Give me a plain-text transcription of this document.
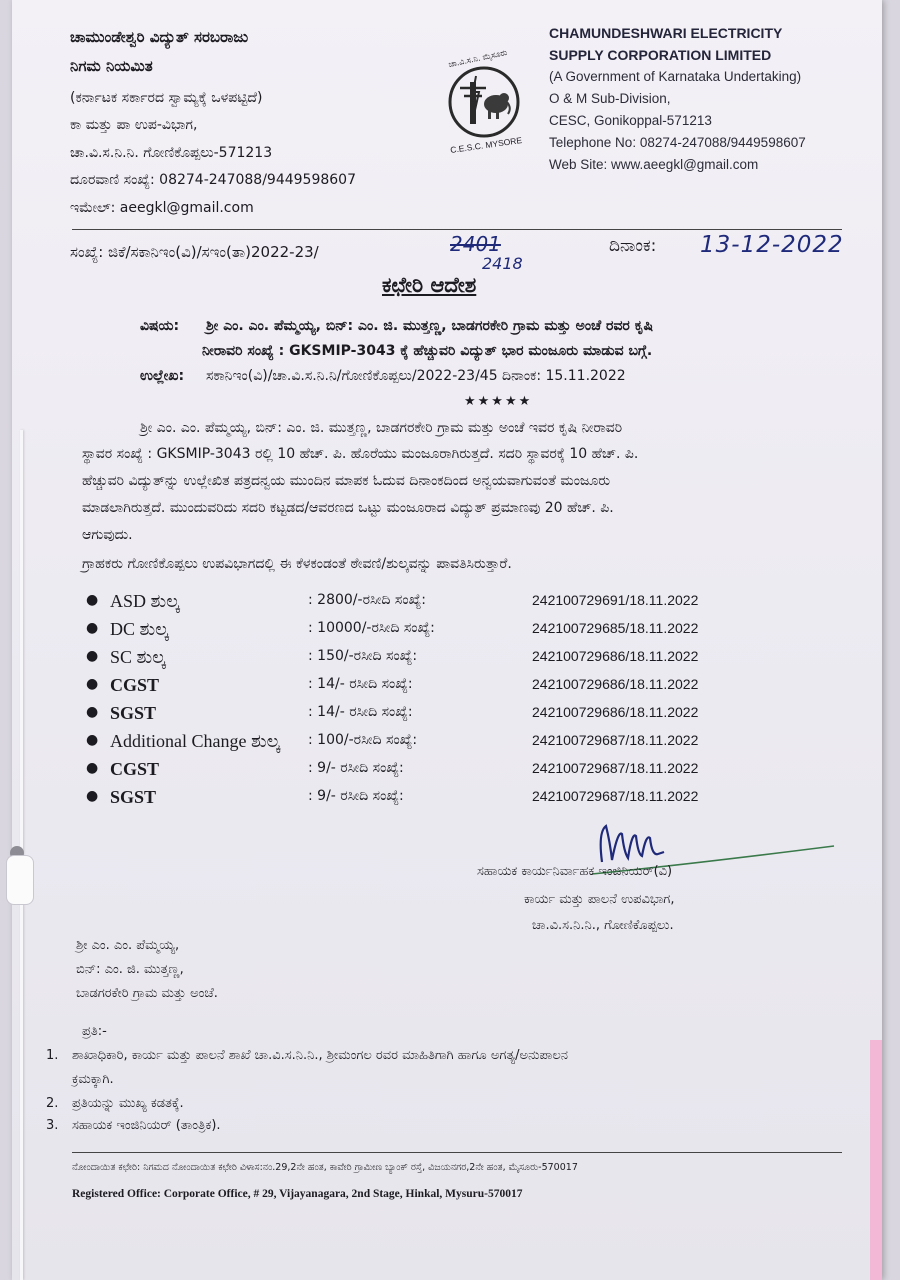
ಚಾಮುಂಡೇಶ್ವರಿ ವಿದ್ಯುತ್ ಸರಬರಾಜು
ನಿಗಮ ನಿಯಮಿತ
(ಕರ್ನಾಟಕ ಸರ್ಕಾರದ ಸ್ವಾಮ್ಯಕ್ಕೆ ಒಳಪಟ್ಟಿದೆ)
ಕಾ ಮತ್ತು ಪಾ ಉಪ-ವಿಭಾಗ,
ಚಾ.ವಿ.ಸ.ನಿ.ನಿ. ಗೋಣಿಕೊಪ್ಪಲು-571213
ದೂರವಾಣಿ ಸಂಖ್ಯೆ: 08274-247088/9449598607
ಇಮೇಲ್: aeegkl@gmail.com
ಚಾ.ವಿ.ಸ.ನಿ. ಮೈಸೂರು
C.E.S.C. MYSORE
CHAMUNDESHWARI ELECTRICITY
SUPPLY CORPORATION LIMITED
(A Government of Karnataka Undertaking)
O & M Sub-Division,
CESC, Gonikoppal-571213
Telephone No: 08274-247088/9449598607
Web Site: www.aeegkl@gmail.com
ಸಂಖ್ಯೆ: ಜಿಕೆ/ಸಕಾನಿಇಂ(ವಿ)/ಸಇಂ(ತಾ)2022-23/	2401
2418
ದಿನಾಂಕ: 13-12-2022
ಕಛೇರಿ ಆದೇಶ
ವಿಷಯ: ಶ್ರೀ ಎಂ. ಎಂ. ಪೆಮ್ಮಯ್ಯ, ಬಿನ್: ಎಂ. ಜಿ. ಮುತ್ತಣ್ಣ, ಬಾಡಗರಕೇರಿ ಗ್ರಾಮ ಮತ್ತು ಅಂಚೆ ರವರ ಕೃಷಿ
ನೀರಾವರಿ ಸಂಖ್ಯೆ : GKSMIP-3043 ಕ್ಕೆ ಹೆಚ್ಚುವರಿ ವಿದ್ಯುತ್ ಭಾರ ಮಂಜೂರು ಮಾಡುವ ಬಗ್ಗೆ.
ಉಲ್ಲೇಖ: ಸಕಾನಿಇಂ(ವಿ)/ಚಾ.ವಿ.ಸ.ನಿ.ನಿ/ಗೋಣಿಕೊಪ್ಪಲು/2022-23/45 ದಿನಾಂಕ: 15.11.2022
★★★★★
ಶ್ರೀ ಎಂ. ಎಂ. ಪೆಮ್ಮಯ್ಯ, ಬಿನ್: ಎಂ. ಜಿ. ಮುತ್ತಣ್ಣ, ಬಾಡಗರಕೇರಿ ಗ್ರಾಮ ಮತ್ತು ಅಂಚೆ ಇವರ ಕೃಷಿ ನೀರಾವರಿ
ಸ್ಥಾವರ ಸಂಖ್ಯೆ : GKSMIP-3043 ರಲ್ಲಿ 10 ಹೆಚ್. ಪಿ. ಹೊರೆಯು ಮಂಜೂರಾಗಿರುತ್ತದೆ. ಸದರಿ ಸ್ಥಾವರಕ್ಕೆ 10 ಹೆಚ್. ಪಿ.
ಹೆಚ್ಚುವರಿ ವಿದ್ಯುತ್‌ನ್ನು ಉಲ್ಲೇಖಿತ ಪತ್ರದನ್ವಯ ಮುಂದಿನ ಮಾಪಕ ಓದುವ ದಿನಾಂಕದಿಂದ ಅನ್ವಯವಾಗುವಂತೆ ಮಂಜೂರು
ಮಾಡಲಾಗಿರುತ್ತದೆ. ಮುಂದುವರಿದು ಸದರಿ ಕಟ್ಟಡದ/ಆವರಣದ ಒಟ್ಟು ಮಂಜೂರಾದ ವಿದ್ಯುತ್ ಪ್ರಮಾಣವು 20 ಹೆಚ್. ಪಿ.
ಆಗುವುದು.
ಗ್ರಾಹಕರು ಗೋಣಿಕೊಪ್ಪಲು ಉಪವಿಭಾಗದಲ್ಲಿ ಈ ಕೆಳಕಂಡಂತೆ ಠೇವಣಿ/ಶುಲ್ಕವನ್ನು ಪಾವತಿಸಿರುತ್ತಾರೆ.
● ASD ಶುಲ್ಕ	: 2800/-ರಸೀದಿ ಸಂಖ್ಯೆ:	242100729691/18.11.2022
● DC ಶುಲ್ಕ	: 10000/-ರಸೀದಿ ಸಂಖ್ಯೆ:	242100729685/18.11.2022
● SC ಶುಲ್ಕ	: 150/-ರಸೀದಿ ಸಂಖ್ಯೆ:	242100729686/18.11.2022
● CGST	: 14/- ರಸೀದಿ ಸಂಖ್ಯೆ:	242100729686/18.11.2022
● SGST	: 14/- ರಸೀದಿ ಸಂಖ್ಯೆ:	242100729686/18.11.2022
● Additional Change ಶುಲ್ಕ : 100/-ರಸೀದಿ ಸಂಖ್ಯೆ:	242100729687/18.11.2022
● CGST	: 9/- ರಸೀದಿ ಸಂಖ್ಯೆ:	242100729687/18.11.2022
● SGST	: 9/- ರಸೀದಿ ಸಂಖ್ಯೆ:	242100729687/18.11.2022
ಸಹಾಯಕ ಕಾರ್ಯನಿರ್ವಾಹಕ ಇಂಜಿನಿಯರ್(ವಿ)
ಕಾರ್ಯ ಮತ್ತು ಪಾಲನೆ ಉಪವಿಭಾಗ,
ಚಾ.ವಿ.ಸ.ನಿ.ನಿ., ಗೋಣಿಕೊಪ್ಪಲು.
ಶ್ರೀ ಎಂ. ಎಂ. ಪೆಮ್ಮಯ್ಯ,
ಬಿನ್: ಎಂ. ಜಿ. ಮುತ್ತಣ್ಣ,
ಬಾಡಗರಕೇರಿ ಗ್ರಾಮ ಮತ್ತು ಅಂಚೆ.
ಪ್ರತಿ:-
1. ಶಾಖಾಧಿಕಾರಿ, ಕಾರ್ಯ ಮತ್ತು ಪಾಲನೆ ಶಾಖೆ ಚಾ.ವಿ.ಸ.ನಿ.ನಿ., ಶ್ರೀಮಂಗಲ ರವರ ಮಾಹಿತಿಗಾಗಿ ಹಾಗೂ ಅಗತ್ಯ/ಅನುಪಾಲನ
ಕ್ರಮಕ್ಕಾಗಿ.
2. ಪ್ರತಿಯನ್ನು ಮುಖ್ಯ ಕಡತಕ್ಕೆ.
3. ಸಹಾಯಕ ಇಂಜಿನಿಯರ್ (ತಾಂತ್ರಿಕ).
ನೋಂದಾಯಿತ ಕಛೇರಿ: ನಿಗಮದ ನೋಂದಾಯಿತ ಕಛೇರಿ ವಿಳಾಸ:ನಂ.29,2ನೇ ಹಂತ, ಕಾವೇರಿ ಗ್ರಾಮೀಣ ಬ್ಯಾಂಕ್ ರಸ್ತೆ, ವಿಜಯನಗರ,2ನೇ ಹಂತ, ಮೈಸೂರು-570017
Registered Office: Corporate Office, # 29, Vijayanagara, 2nd Stage, Hinkal, Mysuru-570017
